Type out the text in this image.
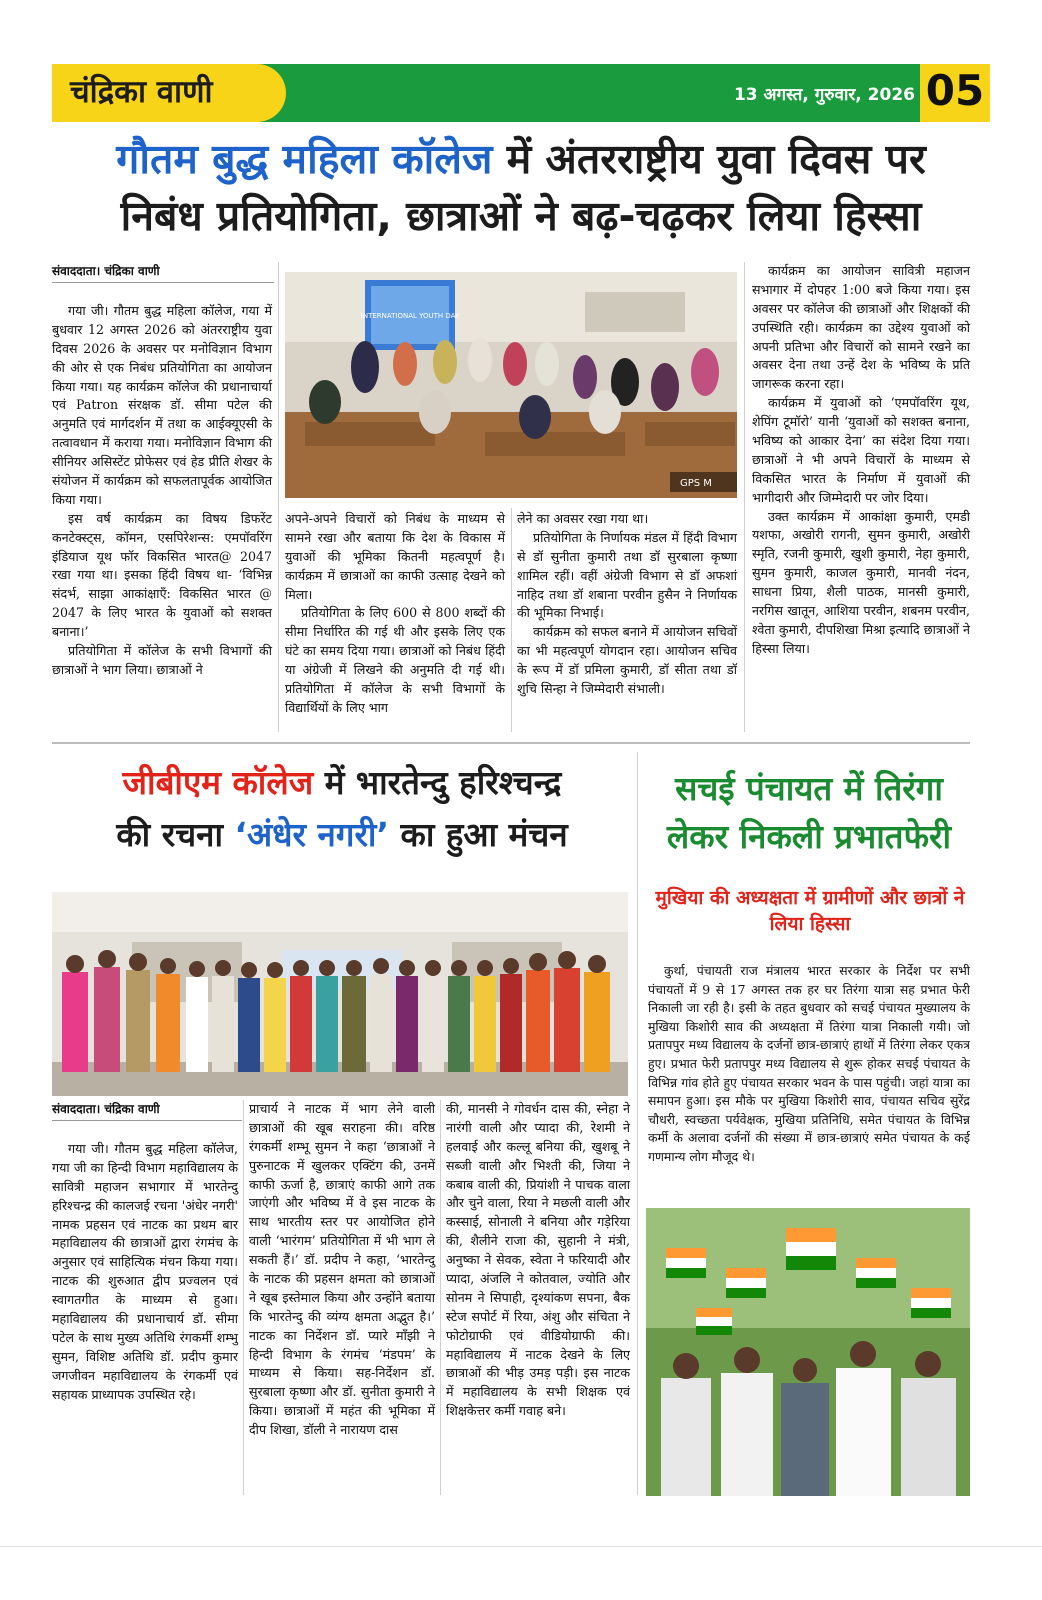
चंद्रिका वाणी	13 अगस्त, गुरुवार, 2026 05
गौतम बुद्ध महिला कॉलेज में अंतरराष्ट्रीय युवा दिवस पर
निबंध प्रतियोगिता, छात्राओं ने बढ़-चढ़कर लिया हिस्सा
संवाददाता। चंद्रिका वाणी

गया जी। गौतम बुद्ध महिला कॉलेज, गया में बुधवार 12 अगस्त 2026 को अंतरराष्ट्रीय युवा दिवस 2026 के अवसर पर मनोविज्ञान विभाग की ओर से एक निबंध प्रतियोगिता का आयोजन किया गया। यह कार्यक्रम कॉलेज की प्रधानाचार्या एवं Patron संरक्षक डॉ. सीमा पटेल की अनुमति एवं मार्गदर्शन में तथा क आईक्यूएसी के तत्वावधान में कराया गया। मनोविज्ञान विभाग की सीनियर असिस्टेंट प्रोफेसर एवं हेड प्रीति शेखर के संयोजन में कार्यक्रम को सफलतापूर्वक आयोजित किया गया।

इस वर्ष कार्यक्रम का विषय डिफरेंट कनटेक्स्ट्स, कॉमन, एसपिरेशन्स: एमपॉवरिंग इंडियाज यूथ फॉर विकसित भारत@ 2047 रखा गया था। इसका हिंदी विषय था- ‘विभिन्न संदर्भ, साझा आकांक्षाएँ: विकसित भारत @ 2047 के लिए भारत के युवाओं को सशक्त बनाना।’

प्रतियोगिता में कॉलेज के सभी विभागों की छात्राओं ने भाग लिया। छात्राओं ने

INTERNATIONAL YOUTH DAY
GPS M

अपने-अपने विचारों को निबंध के माध्यम से सामने रखा और बताया कि देश के विकास में युवाओं की भूमिका कितनी महत्वपूर्ण है। कार्यक्रम में छात्राओं का काफी उत्साह देखने को मिला।

प्रतियोगिता के लिए 600 से 800 शब्दों की सीमा निर्धारित की गई थी और इसके लिए एक घंटे का समय दिया गया। छात्राओं को निबंध हिंदी या अंग्रेजी में लिखने की अनुमति दी गई थी। प्रतियोगिता में कॉलेज के सभी विभागों के विद्यार्थियों के लिए भाग

लेने का अवसर रखा गया था।

प्रतियोगिता के निर्णायक मंडल में हिंदी विभाग से डॉ सुनीता कुमारी तथा डॉ सुरबाला कृष्णा शामिल रहीं। वहीं अंग्रेजी विभाग से डॉ अफशां नाहिद तथा डॉ शबाना परवीन हुसैन ने निर्णायक की भूमिका निभाई।

कार्यक्रम को सफल बनाने में आयोजन सचिवों का भी महत्वपूर्ण योगदान रहा। आयोजन सचिव के रूप में डॉ प्रमिला कुमारी, डॉ सीता तथा डॉ शुचि सिन्हा ने जिम्मेदारी संभाली।

कार्यक्रम का आयोजन सावित्री महाजन सभागार में दोपहर 1:00 बजे किया गया। इस अवसर पर कॉलेज की छात्राओं और शिक्षकों की उपस्थिति रही। कार्यक्रम का उद्देश्य युवाओं को अपनी प्रतिभा और विचारों को सामने रखने का अवसर देना तथा उन्हें देश के भविष्य के प्रति जागरूक करना रहा।

कार्यक्रम में युवाओं को ‘एमपॉवरिंग यूथ, शेपिंग टूमॉरो’ यानी ‘युवाओं को सशक्त बनाना, भविष्य को आकार देना’ का संदेश दिया गया। छात्राओं ने भी अपने विचारों के माध्यम से विकसित भारत के निर्माण में युवाओं की भागीदारी और जिम्मेदारी पर जोर दिया।

उक्त कार्यक्रम में आकांक्षा कुमारी, एमडी यशफा, अखोरी रागनी, सुमन कुमारी, अखोरी स्मृति, रजनी कुमारी, खुशी कुमारी, नेहा कुमारी, सुमन कुमारी, काजल कुमारी, मानवी नंदन, साधना प्रिया, शैली पाठक, मानसी कुमारी, नरगिस खातून, आशिया परवीन, शबनम परवीन, श्वेता कुमारी, दीपशिखा मिश्रा इत्यादि छात्राओं ने हिस्सा लिया।

जीबीएम कॉलेज में भारतेन्दु हरिश्चन्द्र
की रचना ‘अंधेर नगरी’ का हुआ मंचन
संवाददाता। चंद्रिका वाणी

गया जी। गौतम बुद्ध महिला कॉलेज, गया जी का हिन्दी विभाग महाविद्यालय के सावित्री महाजन सभागार में भारतेन्दु हरिश्चन्द्र की कालजई रचना 'अंधेर नगरी' नामक प्रहसन एवं नाटक का प्रथम बार महाविद्यालय की छात्राओं द्वारा रंगमंच के अनुसार एवं साहित्यिक मंचन किया गया। नाटक की शुरुआत द्वीप प्रज्वलन एवं स्वागतगीत के माध्यम से हुआ। महाविद्यालय की प्रधानाचार्य डॉ. सीमा पटेल के साथ मुख्य अतिथि रंगकर्मी शम्भु सुमन, विशिष्ट अतिथि डॉ. प्रदीप कुमार जगजीवन महाविद्यालय के रंगकर्मी एवं सहायक प्राध्यापक उपस्थित रहे।

प्राचार्य ने नाटक में भाग लेने वाली छात्राओं की खूब सराहना की। वरिष्ठ रंगकर्मी शम्भू सुमन ने कहा ‘छात्राओं ने पुरुनाटक में खुलकर एक्टिंग की, उनमें काफी ऊर्जा है, छात्राएं काफी आगे तक जाएंगी और भविष्य में वे इस नाटक के साथ भारतीय स्तर पर आयोजित होने वाली ‘भारंगम’ प्रतियोगिता में भी भाग ले सकती हैं।’ डॉ. प्रदीप ने कहा, ‘भारतेन्दु के नाटक की प्रहसन क्षमता को छात्राओं ने खूब इस्तेमाल किया और उन्होंने बताया कि भारतेन्दु की व्यंग्य क्षमता अद्भुत है।’ नाटक का निर्देशन डॉ. प्यारे माँझी ने हिन्दी विभाग के रंगमंच ‘मंडपम’ के माध्यम से किया। सह-निर्देशन डॉ. सुरबाला कृष्णा और डॉ. सुनीता कुमारी ने किया। छात्राओं में महंत की भूमिका में दीप शिखा, डॉली ने नारायण दास

की, मानसी ने गोवर्धन दास की, स्नेहा ने नारंगी वाली और प्यादा की, रेशमी ने हलवाई और कल्लू बनिया की, खुशबू ने सब्जी वाली और भिश्ती की, जिया ने कबाब वाली की, प्रियांशी ने पाचक वाला और चुने वाला, रिया ने मछली वाली और कस्साई, सोनाली ने बनिया और गड़ेरिया की, शैलीने राजा की, सुहानी ने मंत्री, अनुष्का ने सेवक, स्वेता ने फरियादी और प्यादा, अंजलि ने कोतवाल, ज्योति और सोनम ने सिपाही, दृश्यांकण सपना, बैक स्टेज सपोर्ट में रिया, अंशु और संचिता ने फोटोग्राफी एवं वीडियोग्राफी की। महाविद्यालय में नाटक देखने के लिए छात्राओं की भीड़ उमड़ पड़ी। इस नाटक में महाविद्यालय के सभी शिक्षक एवं शिक्षकेत्तर कर्मी गवाह बने।

सचई पंचायत में तिरंगा
लेकर निकली प्रभातफेरी
मुखिया की अध्यक्षता में ग्रामीणों और छात्रों ने लिया हिस्सा

कुर्था, पंचायती राज मंत्रालय भारत सरकार के निर्देश पर सभी पंचायतों में 9 से 17 अगस्त तक हर घर तिरंगा यात्रा सह प्रभात फेरी निकाली जा रही है। इसी के तहत बुधवार को सचई पंचायत मुख्यालय के मुखिया किशोरी साव की अध्यक्षता में तिरंगा यात्रा निकाली गयी। जो प्रतापपुर मध्य विद्यालय के दर्जनों छात्र-छात्राएं हाथों में तिरंगा लेकर एकत्र हुए। प्रभात फेरी प्रतापपुर मध्य विद्यालय से शुरू होकर सचई पंचायत के विभिन्न गांव होते हुए पंचायत सरकार भवन के पास पहुंची। जहां यात्रा का समापन हुआ। इस मौके पर मुखिया किशोरी साव, पंचायत सचिव सुरेंद्र चौधरी, स्वच्छता पर्यवेक्षक, मुखिया प्रतिनिधि, समेत पंचायत के विभिन्न कर्मी के अलावा दर्जनों की संख्या में छात्र-छात्राएं समेत पंचायत के कई गणमान्य लोग मौजूद थे।
